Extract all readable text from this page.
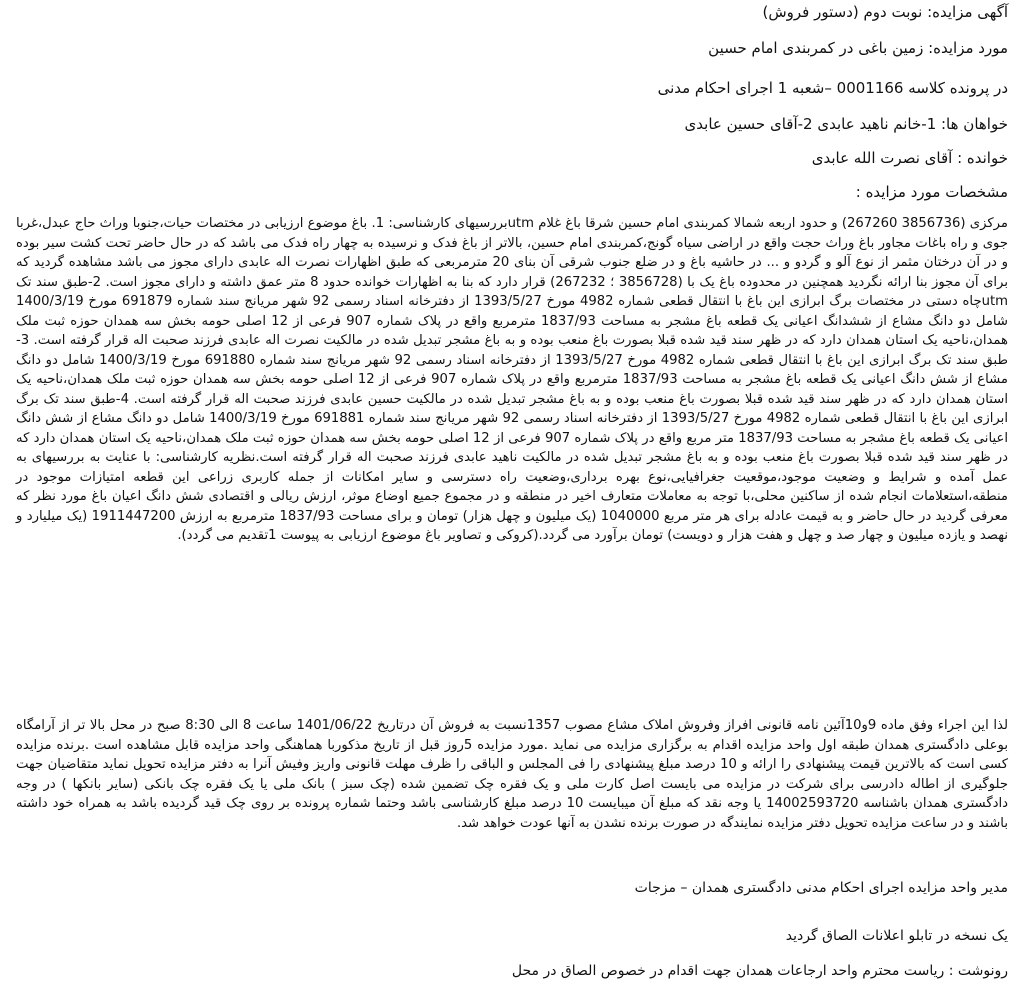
آگهی مزایده: نوبت دوم (دستور فروش)
مورد مزایده: زمین باغی در کمربندی امام حسین
در پرونده کلاسه 0001166 –شعبه 1 اجرای احکام مدنی
خواهان ها: 1-خانم ناهید عابدی 2-آقای حسین عابدی
خوانده : آقای نصرت الله عابدی
مشخصات مورد مزایده :

مرکزی (3856736 267260) و حدود اربعه شمالا کمربندی امام حسین شرقا باغ غلام utmبررسیهای کارشناسی: 1. باغ موضوع ارزیابی در مختصات حیات،جنوبا وراث حاج عبدل،غربا جوی و راه باغات مجاور باغ وراث حجت واقع در اراضی سیاه گونج،کمربندی امام حسین، بالاتر از باغ فدک و نرسیده به چهار راه فدک می باشد که در حال حاضر تحت کشت سیر بوده و در آن درختان مثمر از نوع آلو و گردو و ... در حاشیه باغ و در ضلع جنوب شرقی آن بنای 20 مترمربعی که طبق اظهارات نصرت اله عابدی دارای مجوز می باشد مشاهده گردید که برای آن مجوز بنا ارائه نگردید همچنین در محدوده باغ یک با (3856728 ؛ 267232) قرار دارد که بنا به اظهارات خوانده حدود 8 متر عمق داشته و دارای مجوز است. 2-طبق سند تک utmچاه دستی در مختصات برگ ابرازی این باغ با انتقال قطعی شماره 4982 مورخ 1393/5/27 از دفترخانه اسناد رسمی 92 شهر مریانج سند شماره 691879 مورخ 1400/3/19 شامل دو دانگ مشاع از ششدانگ اعیانی یک قطعه باغ مشجر به مساحت 1837/93 مترمربع واقع در پلاک شماره 907 فرعی از 12 اصلی حومه بخش سه همدان حوزه ثبت ملک همدان،ناحیه یک استان همدان دارد که در ظهر سند قید شده قبلا بصورت باغ منعب بوده و به باغ مشجر تبدیل شده در مالکیت نصرت اله عابدی فرزند صحبت اله قرار گرفته است. 3-طبق سند تک برگ ابرازی این باغ با انتقال قطعی شماره 4982 مورخ 1393/5/27 از دفترخانه اسناد رسمی 92 شهر مریانج سند شماره 691880 مورخ 1400/3/19 شامل دو دانگ مشاع از شش دانگ اعیانی یک قطعه باغ مشجر به مساحت 1837/93 مترمربع واقع در پلاک شماره 907 فرعی از 12 اصلی حومه بخش سه همدان حوزه ثبت ملک همدان،ناحیه یک استان همدان دارد که در ظهر سند قید شده قبلا بصورت باغ منعب بوده و به باغ مشجر تبدیل شده در مالکیت حسین عابدی فرزند صحبت اله قرار گرفته است. 4-طبق سند تک برگ ابرازی این باغ با انتقال قطعی شماره 4982 مورخ 1393/5/27 از دفترخانه اسناد رسمی 92 شهر مریانج سند شماره 691881 مورخ 1400/3/19 شامل دو دانگ مشاع از شش دانگ اعیانی یک قطعه باغ مشجر به مساحت 1837/93 متر مربع واقع در پلاک شماره 907 فرعی از 12 اصلی حومه بخش سه همدان حوزه ثبت ملک همدان،ناحیه یک استان همدان دارد که در ظهر سند قید شده قبلا بصورت باغ منعب بوده و به باغ مشجر تبدیل شده در مالکیت ناهید عابدی فرزند صحبت اله قرار گرفته است.نظریه کارشناسی: با عنایت به بررسیهای به عمل آمده و شرایط و وضعیت موجود،موقعیت جغرافیایی،نوع بهره برداری،وضعیت راه دسترسی و سایر امکانات از جمله کاربری زراعی این قطعه امتیازات موجود در منطقه،استعلامات انجام شده از ساکنین محلی،با توجه به معاملات متعارف اخیر در منطقه و در مجموع جمیع اوضاع موثر، ارزش ریالی و اقتصادی شش دانگ اعیان باغ مورد نظر که معرفی گردید در حال حاضر و به قیمت عادله برای هر متر مربع 1040000 (یک میلیون و چهل هزار) تومان و برای مساحت 1837/93 مترمربع به ارزش 1911447200 (یک میلیارد و نهصد و یازده میلیون و چهار صد و چهل و هفت هزار و دویست) تومان برآورد می گردد.(کروکی و تصاویر باغ موضوع ارزیابی به پیوست 1تقدیم می گردد).

لذا این اجراء وفق ماده 9و10آئین نامه قانونی افراز وفروش املاک مشاع مصوب 1357نسبت به فروش آن درتاریخ 1401/06/22 ساعت 8 الی 8:30 صبح در محل بالا تر از آرامگاه بوعلی دادگستری همدان طبقه اول واحد مزایده اقدام به برگزاری مزایده می نماید .مورد مزایده 5روز قبل از تاریخ مذکوربا هماهنگی واحد مزایده قابل مشاهده است .برنده مزایده کسی است که بالاترین قیمت پیشنهادی را ارائه و 10 درصد مبلغ پیشنهادی را فی المجلس و الباقی را ظرف مهلت قانونی واریز وفیش آنرا به دفتر مزایده تحویل نماید متقاضیان جهت جلوگیری از اطاله دادرسی برای شرکت در مزایده می بایست اصل کارت ملی و یک فقره چک تضمین شده (چک سبز ) بانک ملی یا یک فقره چک بانکی (سایر بانکها ) در وجه دادگستری همدان باشناسه 14002593720 یا وجه نقد که مبلغ آن میبایست 10 درصد مبلغ کارشناسی باشد وحتما شماره پرونده بر روی چک قید گردیده باشد به همراه خود داشته باشند و در ساعت مزایده تحویل دفتر مزایده نمایندگه در صورت برنده نشدن به آنها عودت خواهد شد.

مدیر واحد مزایده اجرای احکام مدنی دادگستری همدان – مزجات
یک نسخه در تابلو اعلانات الصاق گردید
رونوشت : ریاست محترم واحد ارجاعات همدان جهت اقدام در خصوص الصاق در محل
